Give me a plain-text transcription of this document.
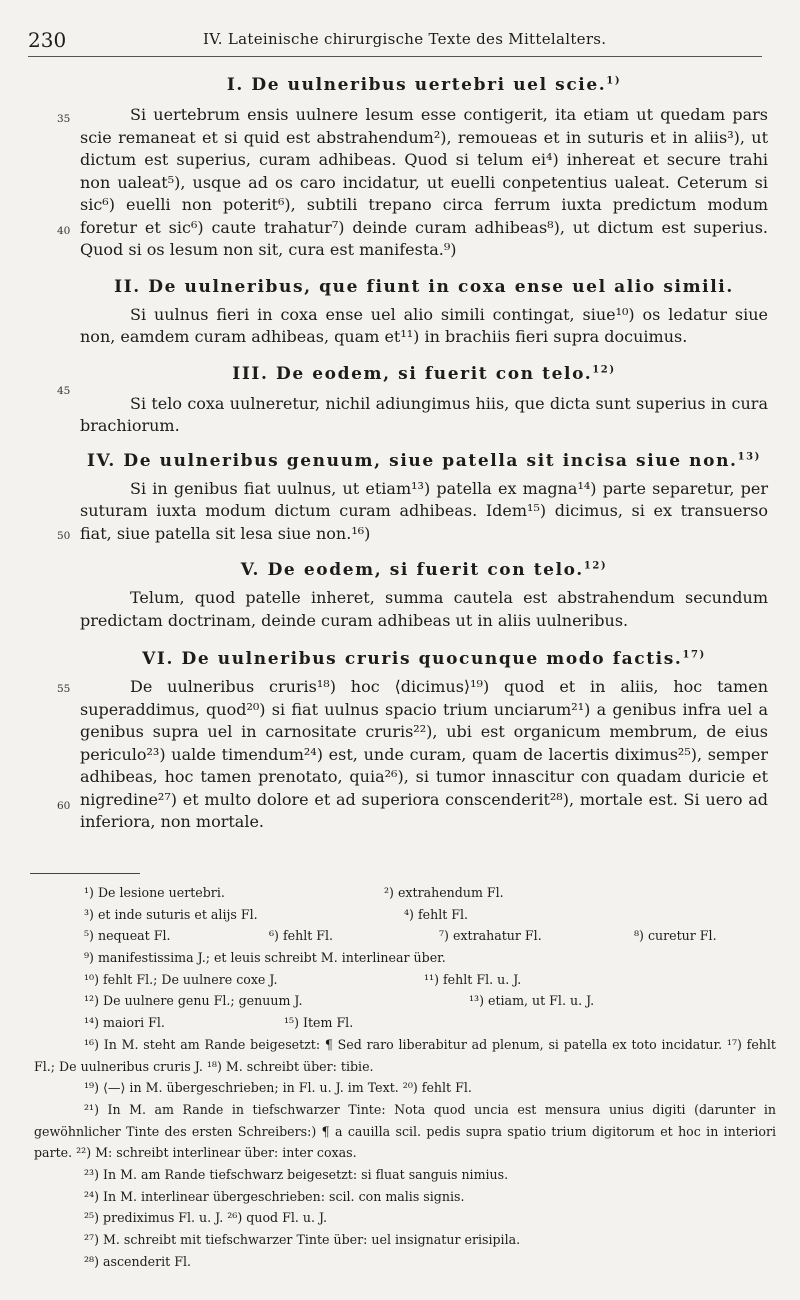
230	IV. Lateinische chirurgische Texte des Mittelalters.
35
40
45
50
55
60
I. De uulneribus uertebri uel scie.$^{1)}$

Si uertebrum ensis uulnere lesum esse contigerit, ita etiam ut quedam pars scie remaneat et si quid est abstrahendum²), remoueas et in suturis et in aliis³), ut dictum est superius, curam adhibeas. Quod si telum ei⁴) inhereat et secure trahi non ualeat⁵), usque ad os caro incidatur, ut euelli conpetentius ualeat. Ceterum si sic⁶) euelli non poterit⁶), subtili trepano circa ferrum iuxta predictum modum foretur et sic⁶) caute trahatur⁷) deinde curam adhibeas⁸), ut dictum est superius. Quod si os lesum non sit, cura est manifesta.⁹)

II. De uulneribus, que fiunt in coxa ense uel alio simili.

Si uulnus fieri in coxa ense uel alio simili contingat, siue¹⁰) os ledatur siue non, eamdem curam adhibeas, quam et¹¹) in brachiis fieri supra docuimus.

III. De eodem, si fuerit con telo.$^{12)}$

Si telo coxa uulneretur, nichil adiungimus hiis, que dicta sunt superius in cura brachiorum.

IV. De uulneribus genuum, siue patella sit incisa siue non.$^{13)}$

Si in genibus fiat uulnus, ut etiam¹³) patella ex magna¹⁴) parte separetur, per suturam iuxta modum dictum curam adhibeas. Idem¹⁵) dicimus, si ex transuerso fiat, siue patella sit lesa siue non.¹⁶)

V. De eodem, si fuerit con telo.$^{12)}$

Telum, quod patelle inheret, summa cautela est abstrahendum secundum predictam doctrinam, deinde curam adhibeas ut in aliis uulneribus.

VI. De uulneribus cruris quocunque modo factis.$^{17)}$

De uulneribus cruris¹⁸) hoc ⟨dicimus⟩¹⁹) quod et in aliis, hoc tamen superaddimus, quod²⁰) si fiat uulnus spacio trium unciarum²¹) a genibus infra uel a genibus supra uel in carnositate cruris²²), ubi est organicum membrum, de eius periculo²³) ualde timendum²⁴) est, unde curam, quam de lacertis diximus²⁵), semper adhibeas, hoc tamen prenotato, quia²⁶), si tumor innascitur con quadam duricie et nigredine²⁷) et multo dolore et ad superiora conscenderit²⁸), mortale est. Si uero ad inferiora, non mortale.

¹) De lesione uertebri.	²) extrahendum Fl.
³) et inde suturis et alijs Fl.	⁴) fehlt Fl.
⁵) nequeat Fl.	⁶) fehlt Fl.	⁷) extrahatur Fl.	⁸) curetur Fl.
⁹) manifestissima J.; et leuis schreibt M. interlinear über.
¹⁰) fehlt Fl.; De uulnere coxe J.	¹¹) fehlt Fl. u. J.
¹²) De uulnere genu Fl.; genuum J.	¹³) etiam, ut Fl. u. J.
¹⁴) maiori Fl.	¹⁵) Item Fl.
¹⁶) In M. steht am Rande beigesetzt: ¶ Sed raro liberabitur ad plenum, si patella ex toto incidatur. ¹⁷) fehlt Fl.; De uulneribus cruris J. ¹⁸) M. schreibt über: tibie.
¹⁹) ⟨—⟩ in M. übergeschrieben; in Fl. u. J. im Text. ²⁰) fehlt Fl.
²¹) In M. am Rande in tiefschwarzer Tinte: Nota quod uncia est mensura unius digiti (darunter in gewöhnlicher Tinte des ersten Schreibers:) ¶ a cauilla scil. pedis supra spatio trium digitorum et hoc in interiori parte. ²²) M: schreibt interlinear über: inter coxas.
²³) In M. am Rande tiefschwarz beigesetzt: si fluat sanguis nimius.
²⁴) In M. interlinear übergeschrieben: scil. con malis signis.
²⁵) prediximus Fl. u. J. ²⁶) quod Fl. u. J.
²⁷) M. schreibt mit tiefschwarzer Tinte über: uel insignatur erisipila.
²⁸) ascenderit Fl.
